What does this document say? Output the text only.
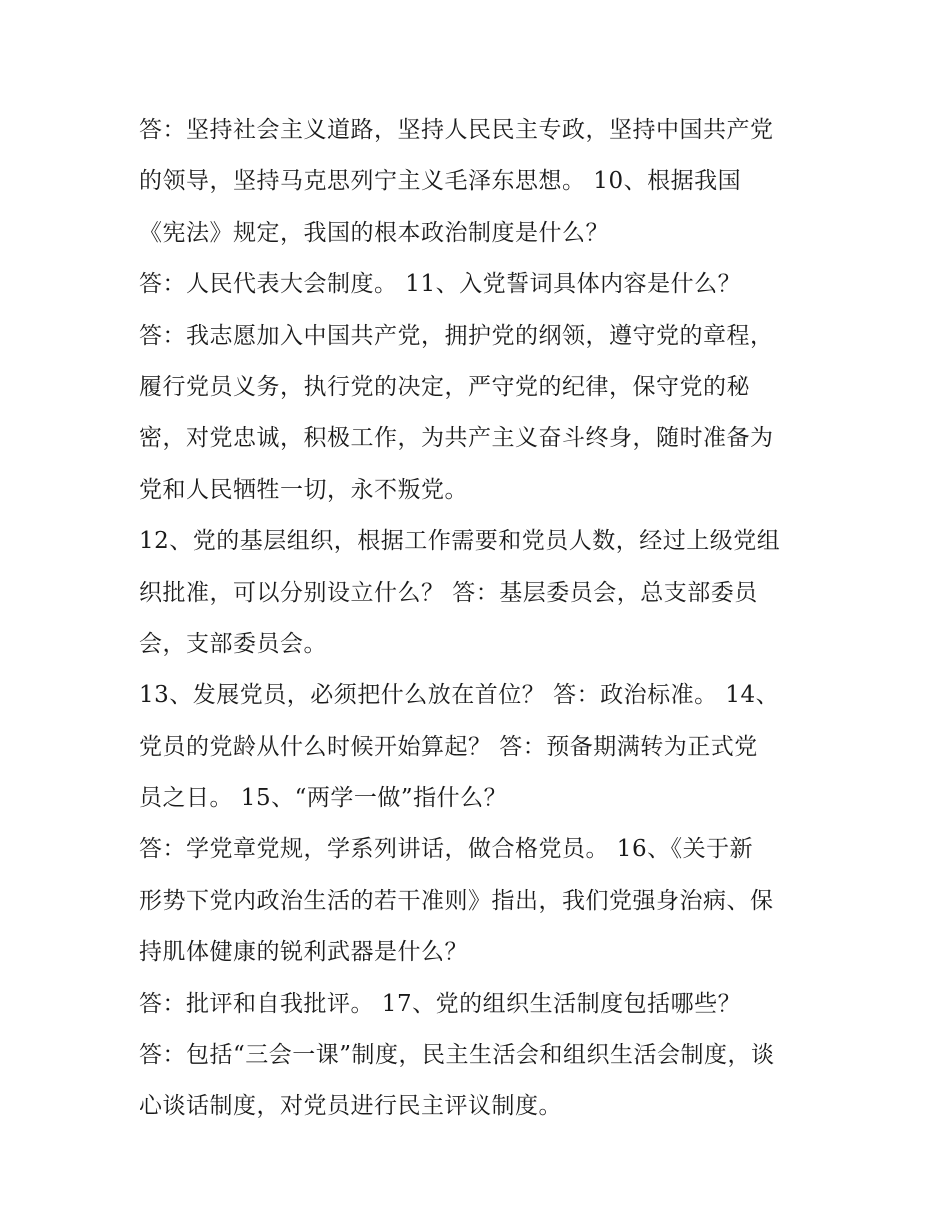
答：坚持社会主义道路，坚持人民民主专政，坚持中国共产党
的领导，坚持马克思列宁主义毛泽东思想。 10、根据我国
《宪法》规定，我国的根本政治制度是什么？
答：人民代表大会制度。 11、入党誓词具体内容是什么？
答：我志愿加入中国共产党，拥护党的纲领，遵守党的章程，
履行党员义务，执行党的决定，严守党的纪律，保守党的秘
密，对党忠诚，积极工作，为共产主义奋斗终身，随时准备为
党和人民牺牲一切，永不叛党。
12、党的基层组织，根据工作需要和党员人数，经过上级党组
织批准，可以分别设立什么？ 答：基层委员会，总支部委员
会，支部委员会。
13、发展党员，必须把什么放在首位？ 答：政治标准。 14、
党员的党龄从什么时候开始算起？ 答：预备期满转为正式党
员之日。 15、“两学一做”指什么？
答：学党章党规，学系列讲话，做合格党员。 16、《关于新
形势下党内政治生活的若干准则》指出，我们党强身治病、保
持肌体健康的锐利武器是什么？
答：批评和自我批评。 17、党的组织生活制度包括哪些？
答：包括“三会一课”制度，民主生活会和组织生活会制度，谈
心谈话制度，对党员进行民主评议制度。
